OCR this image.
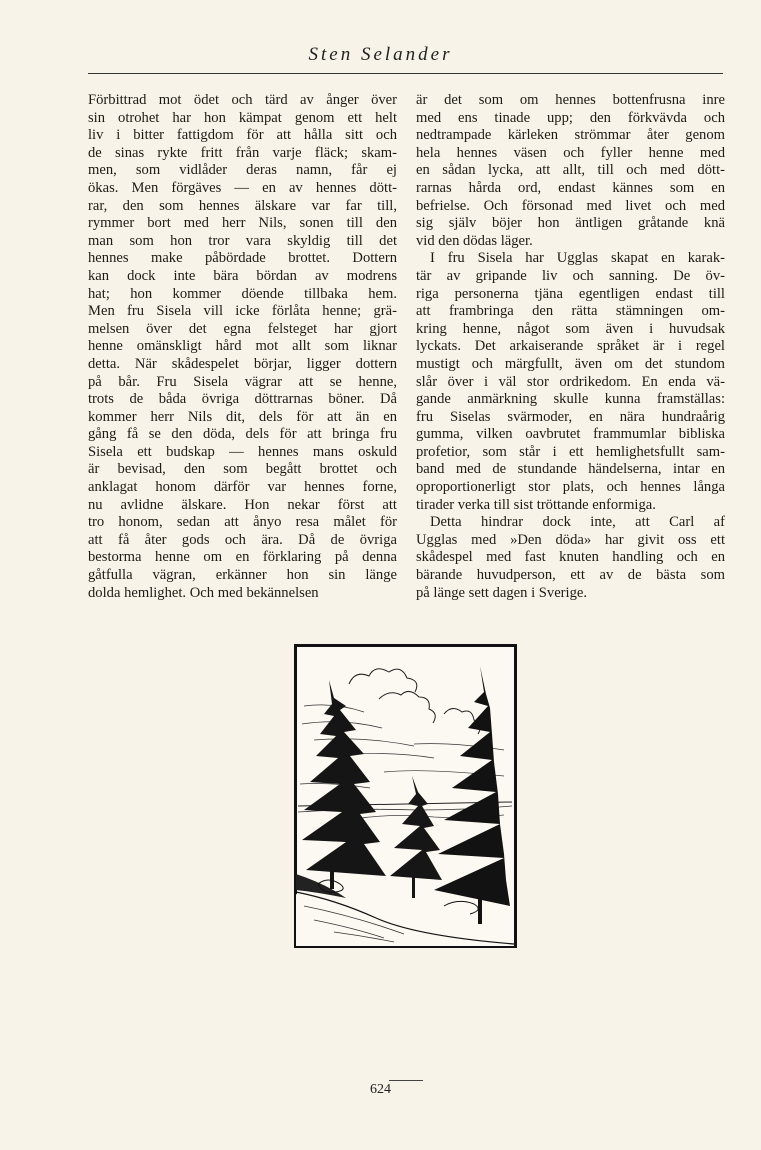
Sten Selander
Förbittrad mot ödet och tärd av ånger över
sin otrohet har hon kämpat genom ett helt
liv i bitter fattigdom för att hålla sitt och
de sinas rykte fritt från varje fläck; skam-
men, som vidlåder deras namn, får ej
ökas. Men förgäves — en av hennes dött-
rar, den som hennes älskare var far till,
rymmer bort med herr Nils, sonen till den
man som hon tror vara skyldig till det
hennes make påbördade brottet. Dottern
kan dock inte bära bördan av modrens
hat; hon kommer döende tillbaka hem.
Men fru Sisela vill icke förlåta henne; grä-
melsen över det egna felsteget har gjort
henne omänskligt hård mot allt som liknar
detta. När skådespelet börjar, ligger dottern
på bår. Fru Sisela vägrar att se henne,
trots de båda övriga döttrarnas böner. Då
kommer herr Nils dit, dels för att än en
gång få se den döda, dels för att bringa fru
Sisela ett budskap — hennes mans oskuld
är bevisad, den som begått brottet och
anklagat honom därför var hennes forne,
nu avlidne älskare. Hon nekar först att
tro honom, sedan att ånyo resa målet för
att få åter gods och ära. Då de övriga
bestorma henne om en förklaring på denna
gåtfulla vägran, erkänner hon sin länge
dolda hemlighet. Och med bekännelsen
är det som om hennes bottenfrusna inre
med ens tinade upp; den förkvävda och
nedtrampade kärleken strömmar åter genom
hela hennes väsen och fyller henne med
en sådan lycka, att allt, till och med dött-
rarnas hårda ord, endast kännes som en
befrielse. Och försonad med livet och med
sig själv böjer hon äntligen gråtande knä
vid den dödas läger.
I fru Sisela har Ugglas skapat en karak-
tär av gripande liv och sanning. De öv-
riga personerna tjäna egentligen endast till
att frambringa den rätta stämningen om-
kring henne, något som även i huvudsak
lyckats. Det arkaiserande språket är i regel
mustigt och märgfullt, även om det stundom
slår över i väl stor ordrikedom. En enda vä-
gande anmärkning skulle kunna framställas:
fru Siselas svärmoder, en nära hundraårig
gumma, vilken oavbrutet frammumlar bibliska
profetior, som står i ett hemlighetsfullt sam-
band med de stundande händelserna, intar en
oproportionerligt stor plats, och hennes långa
tirader verka till sist tröttande enformiga.
Detta hindrar dock inte, att Carl af
Ugglas med »Den döda» har givit oss ett
skådespel med fast knuten handling och en
bärande huvudperson, ett av de bästa som
på länge sett dagen i Sverige.
624
